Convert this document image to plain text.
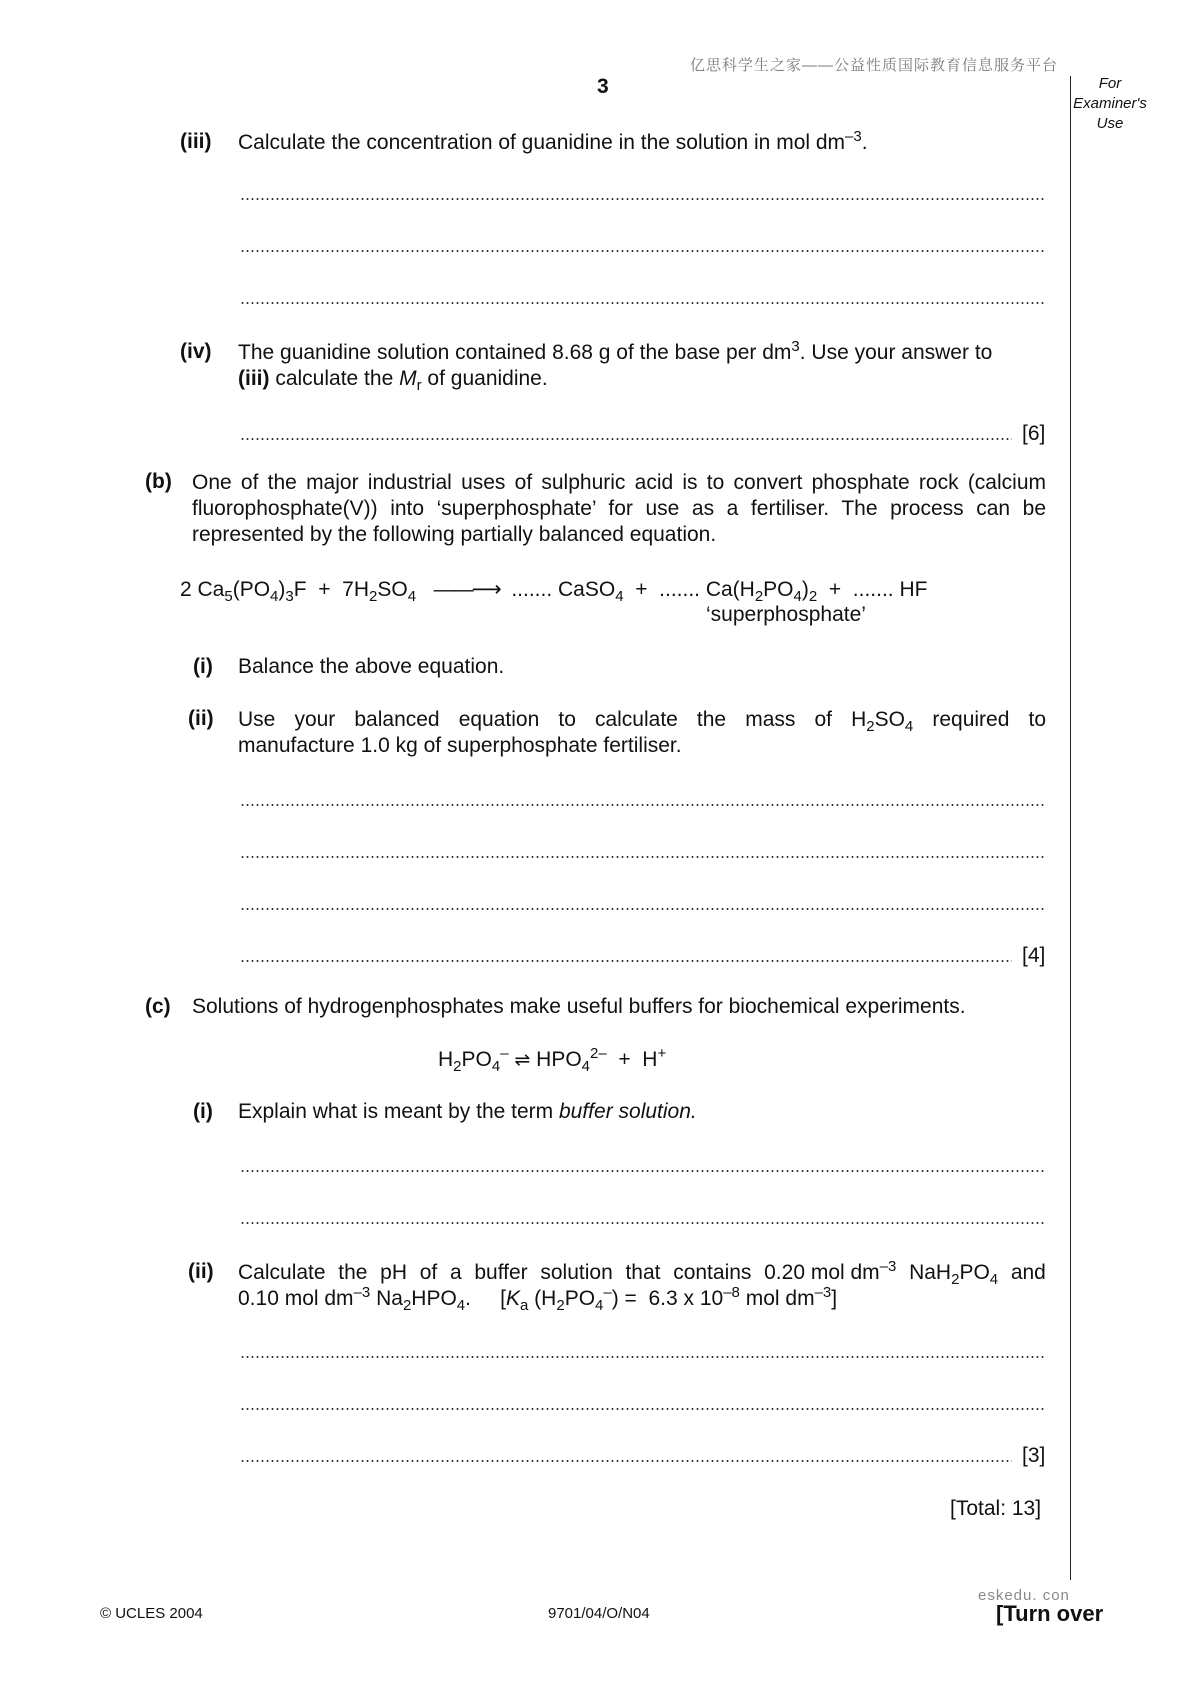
亿思科学生之家——公益性质国际教育信息服务平台
3	For Examiner's Use
(iii) Calculate the concentration of guanidine in the solution in mol $dm^{-3}$.
(iv) The guanidine solution contained 8.68 g of the base per $dm^3$. Use your answer to
(iii) calculate the $M_r$ of guanidine.
[6]
(b) One of the major industrial uses of sulphuric acid is to convert phosphate rock (calcium fluorophosphate(V)) into ‘superphosphate’ for use as a fertiliser. The process can be represented by the following partially balanced equation.
2 $Ca_5(PO_4)_3F + 7H_2SO_4$ ——⟶  ....... CaSO$_4$  +  ....... $Ca(H_2PO_4)_2$  +  ....... HF
‘superphosphate’
(i) Balance the above equation.
(ii) Use your balanced equation to calculate the mass of $H_2SO_4$ required to
manufacture 1.0 kg of superphosphate fertiliser.
[4]
(c) Solutions of hydrogenphosphates make useful buffers for biochemical experiments.
$H_2PO_4^-$ ⇌ $HPO_4^{2-} + H^+$
(i) Explain what is meant by the term buffer solution.
(ii) Calculate the pH of a buffer solution that contains 0.20 mol $dm^{-3}$ $NaH_2PO_4$ and
0.10 mol $dm^{-3}$ $Na_2HPO_4$.     [$K_a$ $(H_2PO_4^-) = 6.3$ x $10^{-8}$ mol $dm^{-3}$]
[3]
[Total: 13]
© UCLES 2004	9701/04/O/N04
eskedu. con
[Turn over
